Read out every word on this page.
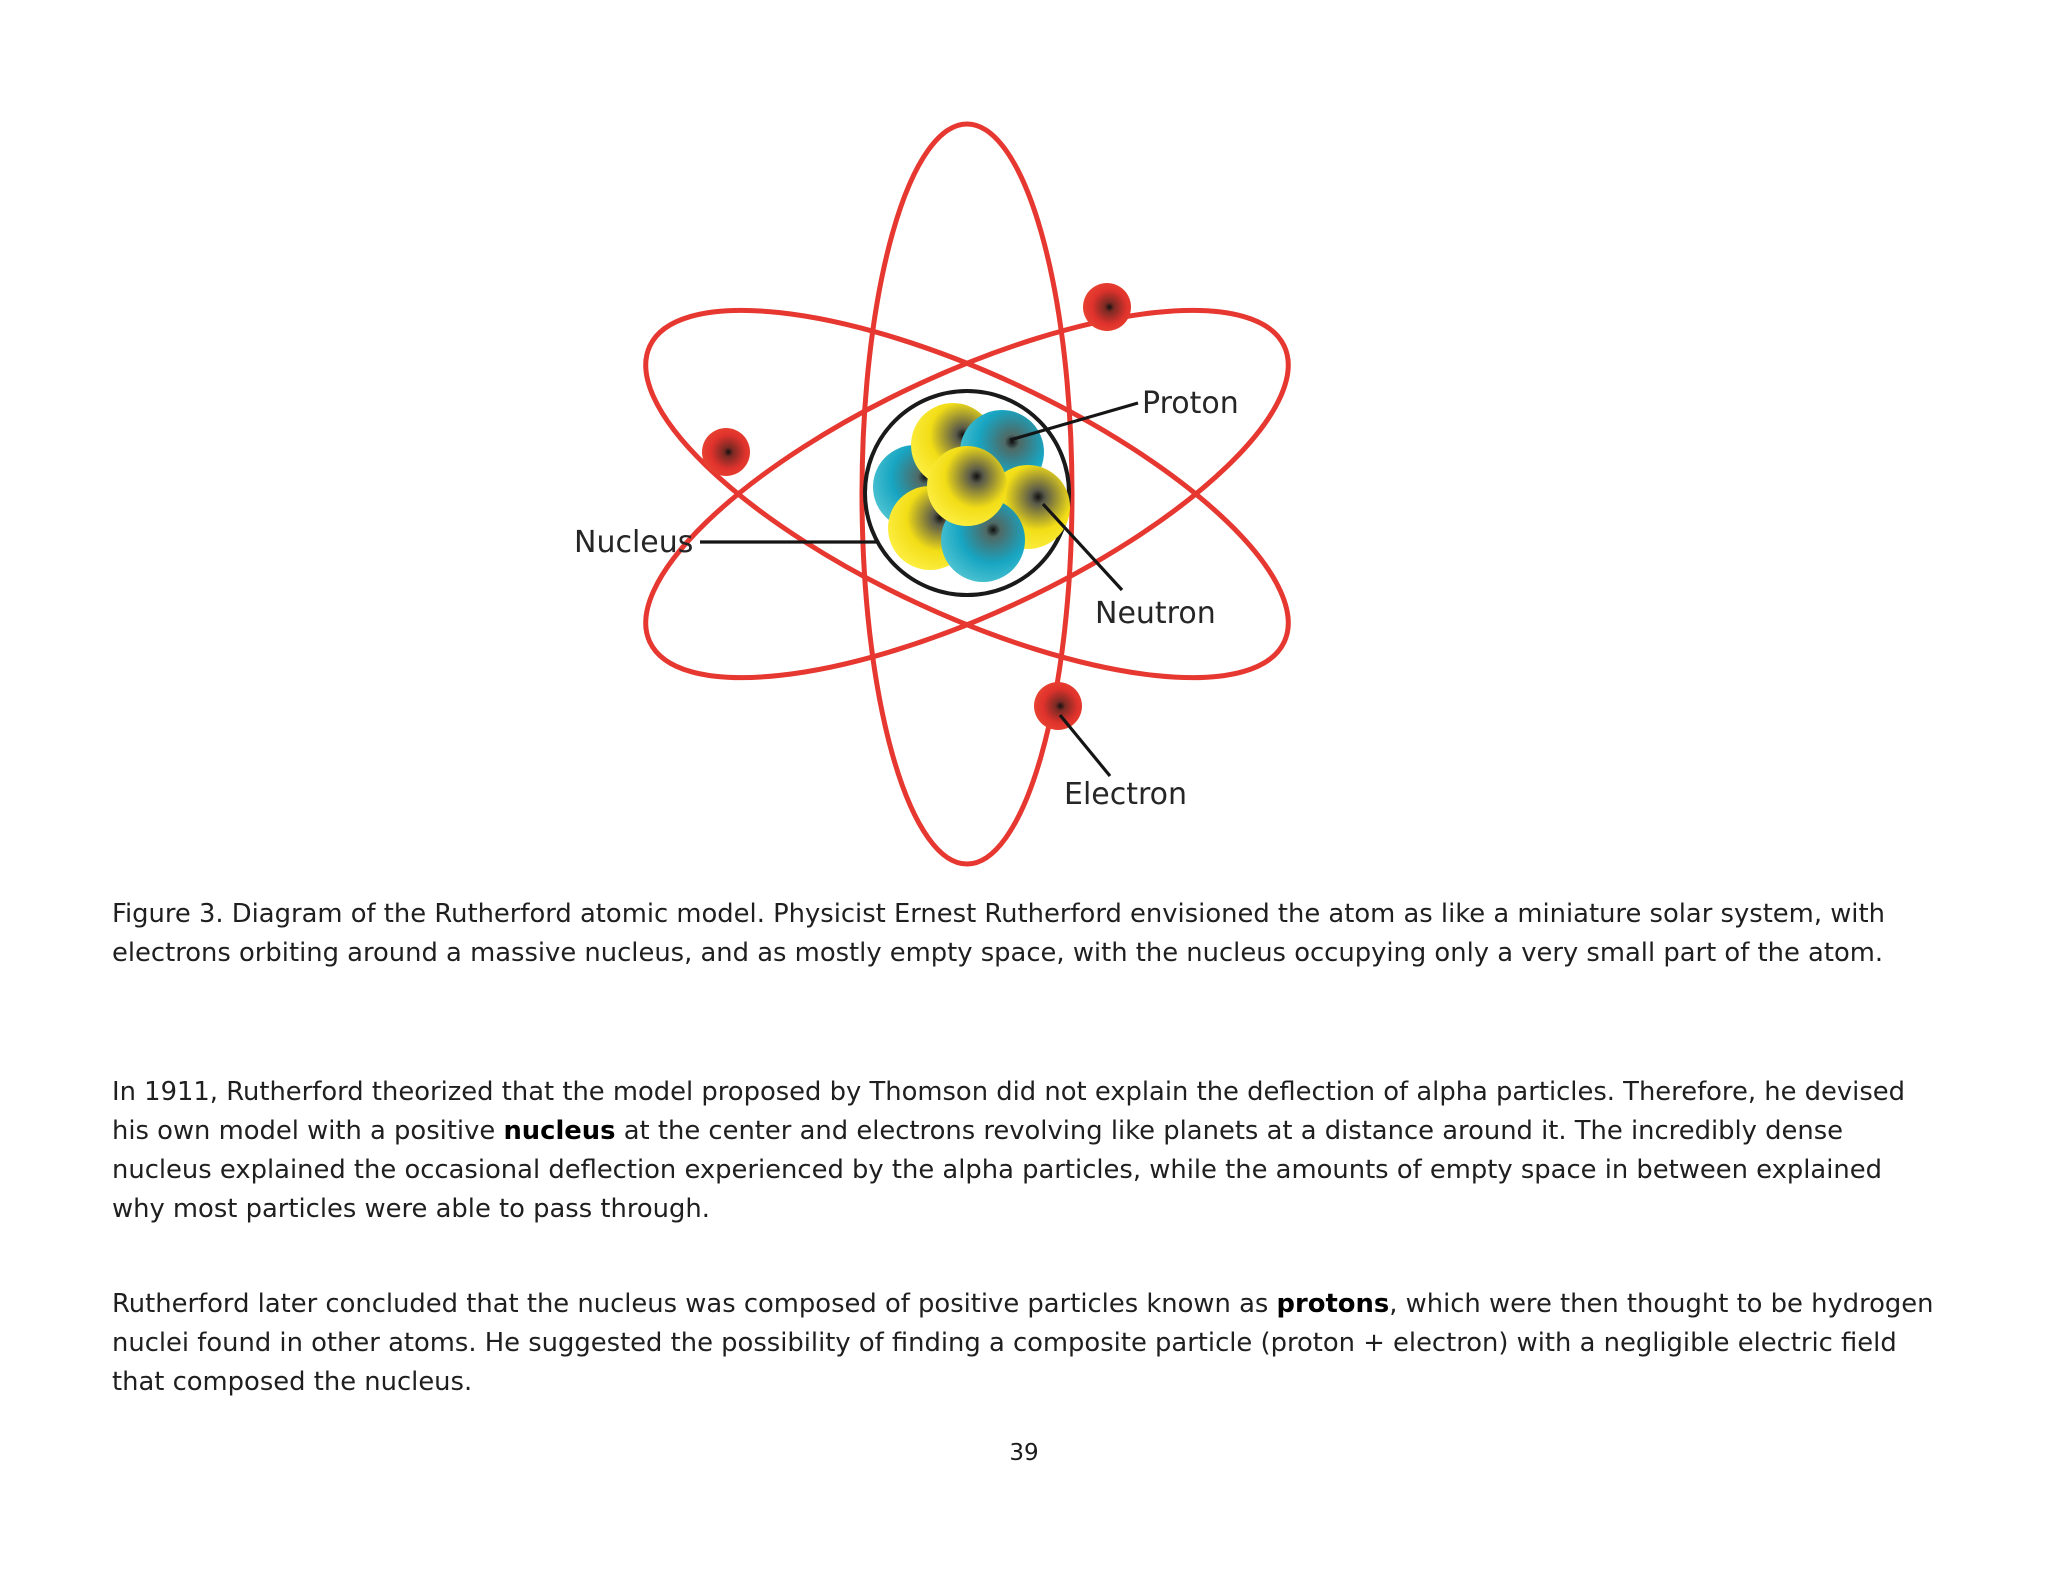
Proton
Nucleus
Neutron
Electron

Figure 3. Diagram of the Rutherford atomic model. Physicist Ernest Rutherford envisioned the atom as like a miniature solar system, with electrons orbiting around a massive nucleus, and as mostly empty space, with the nucleus occupying only a very small part of the atom.

In 1911, Rutherford theorized that the model proposed by Thomson did not explain the deflection of alpha particles. Therefore, he devised his own model with a positive nucleus at the center and electrons revolving like planets at a distance around it. The incredibly dense nucleus explained the occasional deflection experienced by the alpha particles, while the amounts of empty space in between explained why most particles were able to pass through.

Rutherford later concluded that the nucleus was composed of positive particles known as protons, which were then thought to be hydrogen nuclei found in other atoms. He suggested the possibility of finding a composite particle (proton + electron) with a negligible electric field that composed the nucleus.

39
